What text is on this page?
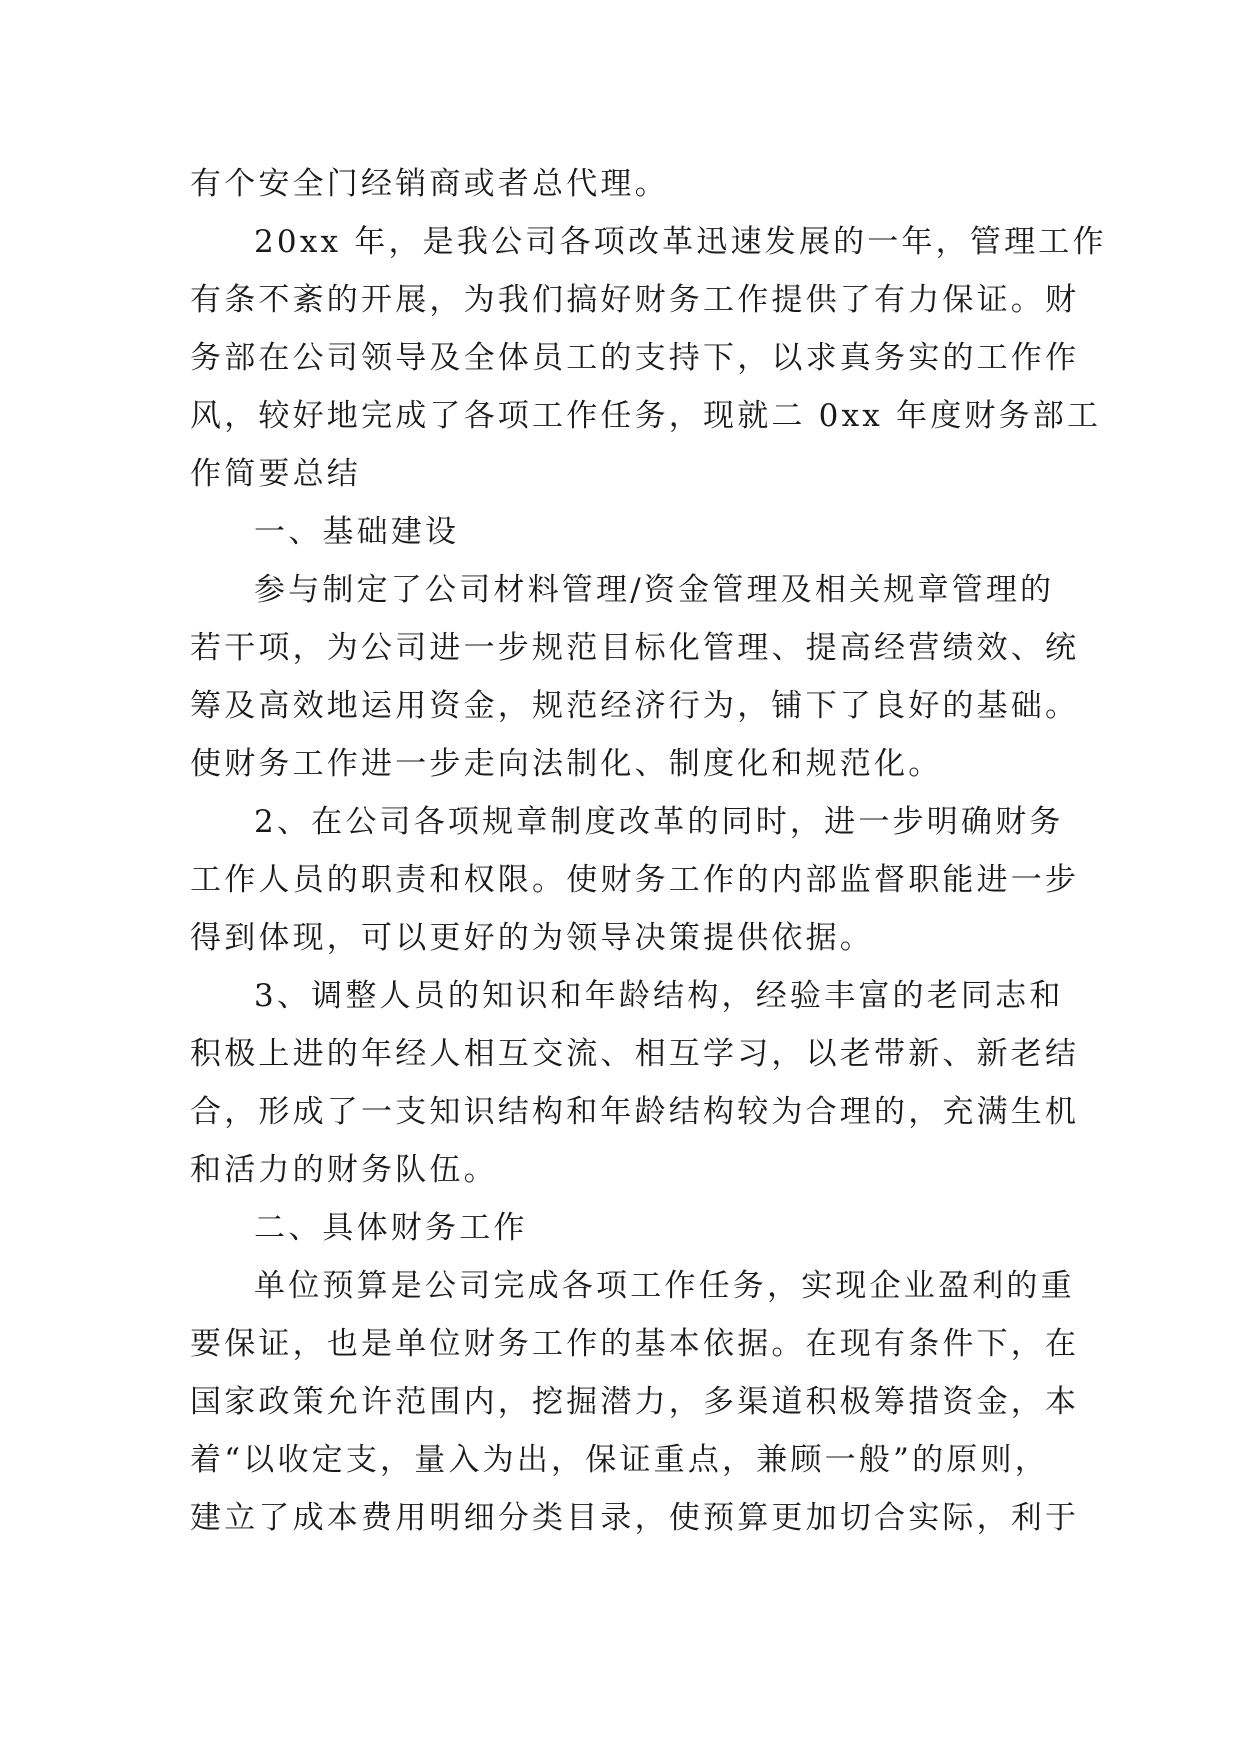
有个安全门经销商或者总代理。
20xx 年，是我公司各项改革迅速发展的一年，管理工作
有条不紊的开展，为我们搞好财务工作提供了有力保证。财
务部在公司领导及全体员工的支持下，以求真务实的工作作
风，较好地完成了各项工作任务，现就二 0xx 年度财务部工
作简要总结
一、基础建设
参与制定了公司材料管理/资金管理及相关规章管理的
若干项，为公司进一步规范目标化管理、提高经营绩效、统
筹及高效地运用资金，规范经济行为，铺下了良好的基础。
使财务工作进一步走向法制化、制度化和规范化。
2、在公司各项规章制度改革的同时，进一步明确财务
工作人员的职责和权限。使财务工作的内部监督职能进一步
得到体现，可以更好的为领导决策提供依据。
3、调整人员的知识和年龄结构，经验丰富的老同志和
积极上进的年经人相互交流、相互学习，以老带新、新老结
合，形成了一支知识结构和年龄结构较为合理的，充满生机
和活力的财务队伍。
二、具体财务工作
单位预算是公司完成各项工作任务，实现企业盈利的重
要保证，也是单位财务工作的基本依据。在现有条件下，在
国家政策允许范围内，挖掘潜力，多渠道积极筹措资金，本
着“以收定支，量入为出，保证重点，兼顾一般”的原则，
建立了成本费用明细分类目录，使预算更加切合实际，利于
